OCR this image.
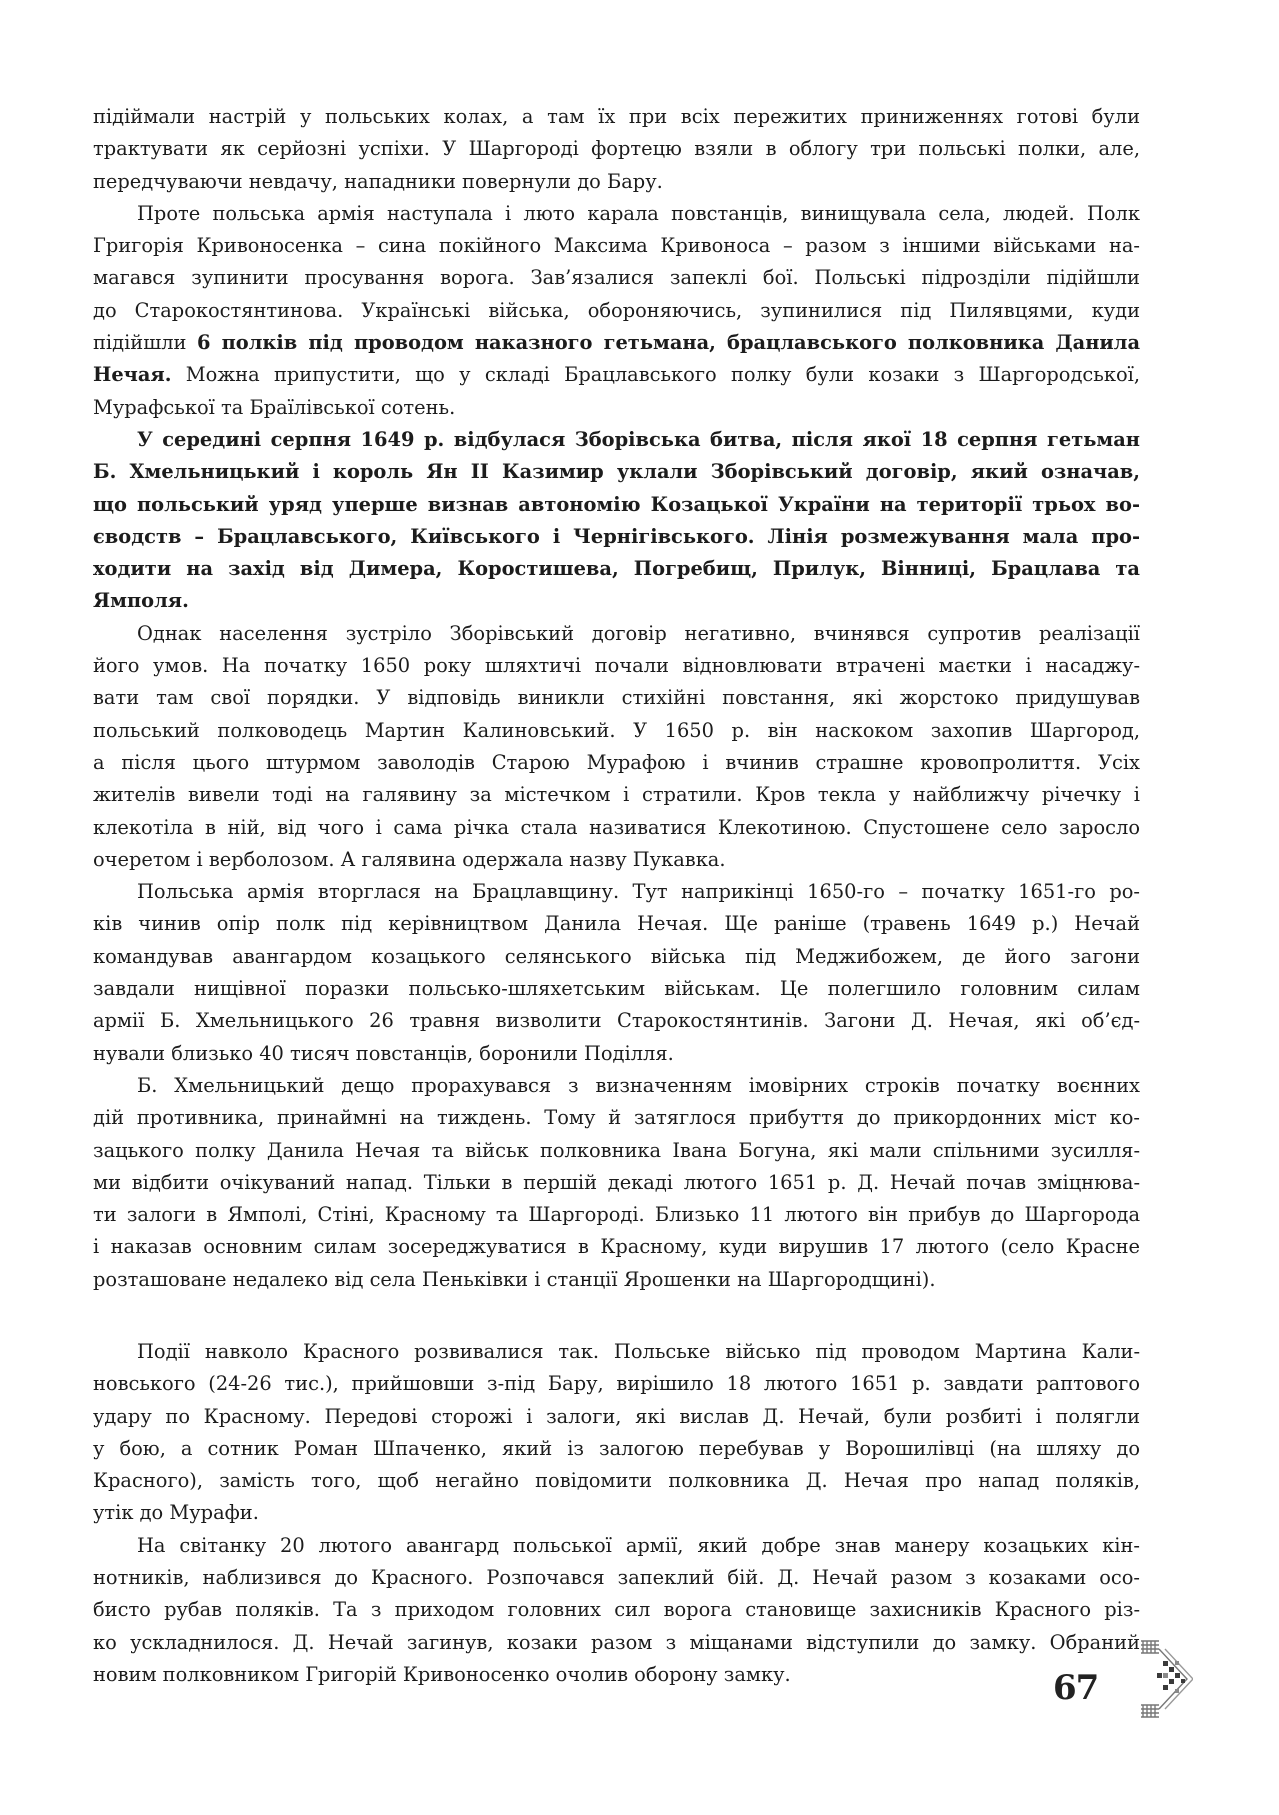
підіймали настрій у польських колах, а там їх при всіх пережитих приниженнях готові були
трактувати як серйозні успіхи. У Шаргороді фортецю взяли в облогу три польські полки, але,
передчуваючи невдачу, нападники повернули до Бару.

Проте польська армія наступала і люто карала повстанців, винищувала села, людей. Полк
Григорія Кривоносенка – сина покійного Максима Кривоноса – разом з іншими військами на-
магався зупинити просування ворога. Зав’язалися запеклі бої. Польські підрозділи підійшли
до Старокостянтинова. Українські війська, обороняючись, зупинилися під Пилявцями, куди
підійшли 6 полків під проводом наказного гетьмана, брацлавського полковника Данила
Нечая. Можна припустити, що у складі Брацлавського полку були козаки з Шаргородської,
Мурафської та Браїлівської сотень.

У середині серпня 1649 р. відбулася Зборівська битва, після якої 18 серпня гетьман
Б. Хмельницький і король Ян II Казимир уклали Зборівський договір, який означав,
що польський уряд уперше визнав автономію Козацької України на території трьох во-
єводств – Брацлавського, Київського і Чернігівського. Лінія розмежування мала про-
ходити на захід від Димера, Коростишева, Погребищ, Прилук, Вінниці, Брацлава та
Ямполя.

Однак населення зустріло Зборівський договір негативно, вчинявся супротив реалізації
його умов. На початку 1650 року шляхтичі почали відновлювати втрачені маєтки і насаджу-
вати там свої порядки. У відповідь виникли стихійні повстання, які жорстоко придушував
польський полководець Мартин Калиновський. У 1650 р. він наскоком захопив Шаргород,
а після цього штурмом заволодів Старою Мурафою і вчинив страшне кровопролиття. Усіх
жителів вивели тоді на галявину за містечком і стратили. Кров текла у найближчу річечку і
клекотіла в ній, від чого і сама річка стала називатися Клекотиною. Спустошене село заросло
очеретом і верболозом. А галявина одержала назву Пукавка.

Польська армія вторглася на Брацлавщину. Тут наприкінці 1650-го – початку 1651-го ро-
ків чинив опір полк під керівництвом Данила Нечая. Ще раніше (травень 1649 р.) Нечай
командував авангардом козацького селянського війська під Меджибожем, де його загони
завдали нищівної поразки польсько-шляхетським військам. Це полегшило головним силам
армії Б. Хмельницького 26 травня визволити Старокостянтинів. Загони Д. Нечая, які об’єд-
нували близько 40 тисяч повстанців, боронили Поділля.

Б. Хмельницький дещо прорахувався з визначенням імовірних строків початку воєнних
дій противника, принаймні на тиждень. Тому й затяглося прибуття до прикордонних міст ко-
зацького полку Данила Нечая та військ полковника Івана Богуна, які мали спільними зусилля-
ми відбити очікуваний напад. Тільки в першій декаді лютого 1651 р. Д. Нечай почав зміцнюва-
ти залоги в Ямполі, Стіні, Красному та Шаргороді. Близько 11 лютого він прибув до Шаргорода
і наказав основним силам зосереджуватися в Красному, куди вирушив 17 лютого (село Красне
розташоване недалеко від села Пеньківки і станції Ярошенки на Шаргородщині).

Події навколо Красного розвивалися так. Польське військо під проводом Мартина Кали-
новського (24-26 тис.), прийшовши з-під Бару, вирішило 18 лютого 1651 р. завдати раптового
удару по Красному. Передові сторожі і залоги, які вислав Д. Нечай, були розбиті і полягли
у бою, а сотник Роман Шпаченко, який із залогою перебував у Ворошилівці (на шляху до
Красного), замість того, щоб негайно повідомити полковника Д. Нечая про напад поляків,
утік до Мурафи.

На світанку 20 лютого авангард польської армії, який добре знав манеру козацьких кін-
нотників, наблизився до Красного. Розпочався запеклий бій. Д. Нечай разом з козаками осо-
бисто рубав поляків. Та з приходом головних сил ворога становище захисників Красного різ-
ко ускладнилося. Д. Нечай загинув, козаки разом з міщанами відступили до замку. Обраний
новим полковником Григорій Кривоносенко очолив оборону замку.	67
